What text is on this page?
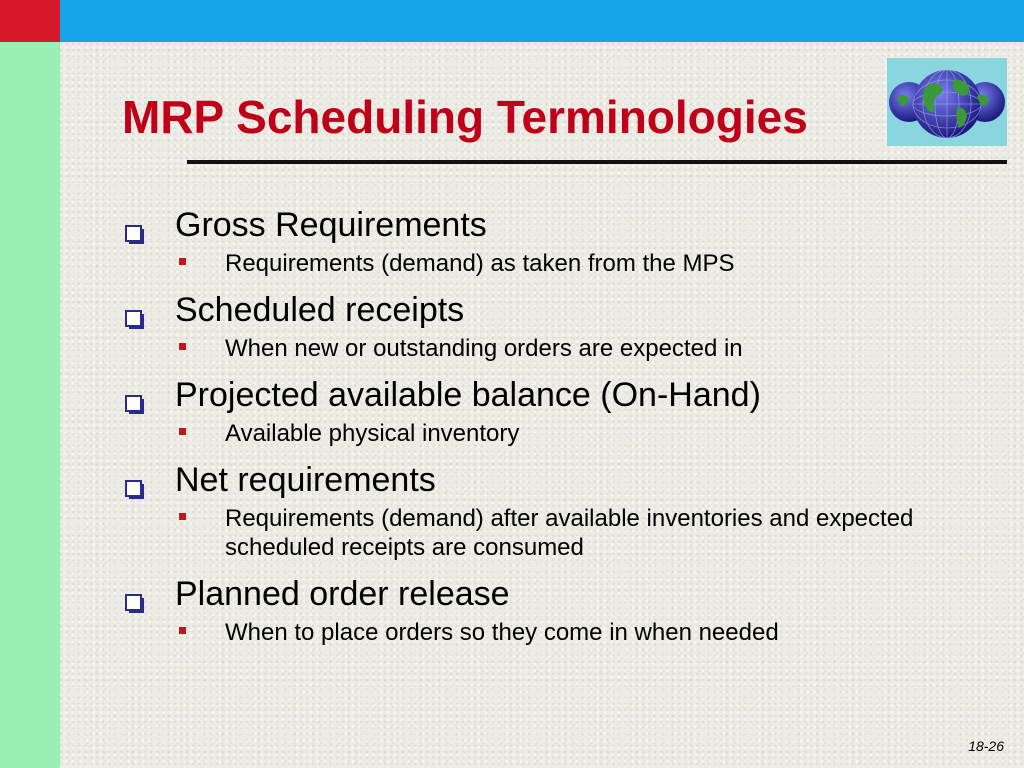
MRP Scheduling Terminologies
Gross Requirements
Requirements (demand) as taken from the MPS
Scheduled receipts
When new or outstanding orders are expected in
Projected available balance (On-Hand)
Available physical inventory
Net requirements
Requirements (demand) after available inventories and expected scheduled receipts are consumed
Planned order release
When to place orders so they come in when needed
18-26
